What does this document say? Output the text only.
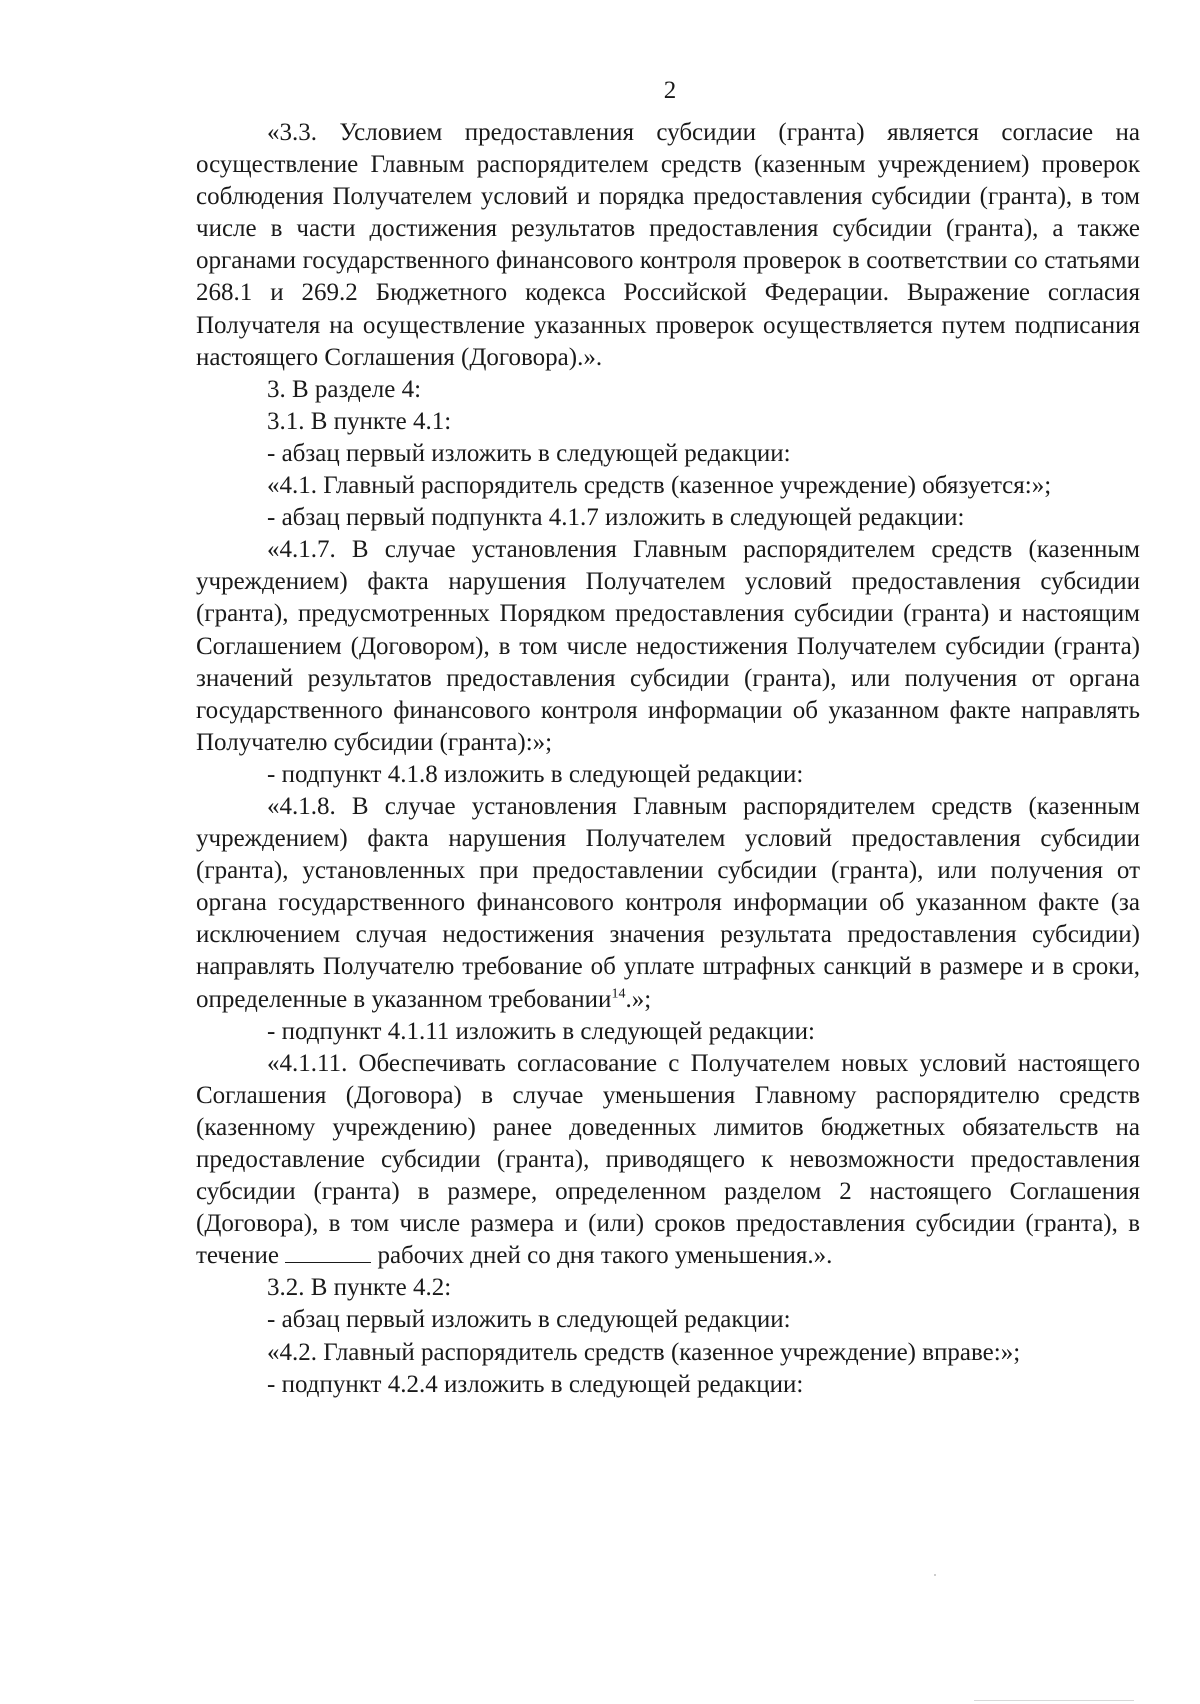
2

«3.3. Условием предоставления субсидии (гранта) является согласие на осуществление Главным распорядителем средств (казенным учреждением) проверок соблюдения Получателем условий и порядка предоставления субсидии (гранта), в том числе в части достижения результатов предоставления субсидии (гранта), а также органами государственного финансового контроля проверок в соответствии со статьями 268.1 и 269.2 Бюджетного кодекса Российской Федерации. Выражение согласия Получателя на осуществление указанных проверок осуществляется путем подписания настоящего Соглашения (Договора).».

3. В разделе 4:

3.1. В пункте 4.1:

- абзац первый изложить в следующей редакции:

«4.1. Главный распорядитель средств (казенное учреждение) обязуется:»;

- абзац первый подпункта 4.1.7 изложить в следующей редакции:

«4.1.7. В случае установления Главным распорядителем средств (казенным учреждением) факта нарушения Получателем условий предоставления субсидии (гранта), предусмотренных Порядком предоставления субсидии (гранта) и настоящим Соглашением (Договором), в том числе недостижения Получателем субсидии (гранта) значений результатов предоставления субсидии (гранта), или получения от органа государственного финансового контроля информации об указанном факте направлять Получателю субсидии (гранта):»;

- подпункт 4.1.8 изложить в следующей редакции:

«4.1.8. В случае установления Главным распорядителем средств (казенным учреждением) факта нарушения Получателем условий предоставления субсидии (гранта), установленных при предоставлении субсидии (гранта), или получения от органа государственного финансового контроля информации об указанном факте (за исключением случая недостижения значения результата предоставления субсидии) направлять Получателю требование об уплате штрафных санкций в размере и в сроки, определенные в указанном требовании$^{14}$.»;

- подпункт 4.1.11 изложить в следующей редакции:

«4.1.11. Обеспечивать согласование с Получателем новых условий настоящего Соглашения (Договора) в случае уменьшения Главному распорядителю средств (казенному учреждению) ранее доведенных лимитов бюджетных обязательств на предоставление субсидии (гранта), приводящего к невозможности предоставления субсидии (гранта) в размере, определенном разделом 2 настоящего Соглашения (Договора), в том числе размера и (или) сроков предоставления субсидии (гранта), в течение	рабочих дней со дня такого уменьшения.».

3.2. В пункте 4.2:

- абзац первый изложить в следующей редакции:

«4.2. Главный распорядитель средств (казенное учреждение) вправе:»;

- подпункт 4.2.4 изложить в следующей редакции:
